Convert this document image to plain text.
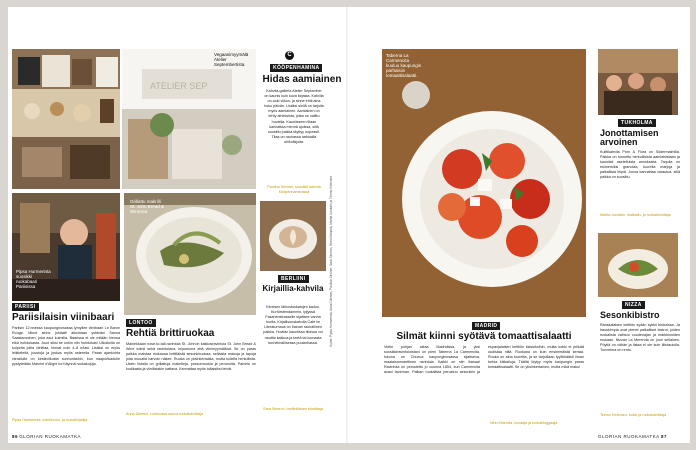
ATELIER SEP
Vegaanimyymälä Atelier Septembertista.
Pipsa Hurmerinta suosikki ruokabaari Pariisissa
PARIISI
Pariisilaisin viinibaari
Pariisin 12:nnessa kaupunginosassa lymyilee viinibaari Le Baron Rouge. Minut sinne johdatti aikoinaan ystäväni Sanna Saastamoinen, joka asui kulmilla. Baarissa ei ole mitään hienoa eikä hohdokasta. Juuri siksi se onkin niin hohdokas! Ulkoiluilla on kulpeita joilla viiniltaa, hinnat noin 4–8 e/lasi. Lisäksi on myös leikkeleitä, juustoja ja joskus myös ostereita. Paras ajankohta vierailulle on keskiviikosta sunnuntaihin, kun naapurikadulle pystytetään Marché d'Aligre tori täynnä ruokakojuja.
Pipsa Hurmerinta, kokkikoulu- ja ruokakirjailija
Grillattu makrilli St. John Bread & Winessa.
LONTOO
Rehtiä brittiruokaa
Mainekkaan nose-to-tail-ravintola St. John:in kakkosravintola St. John Bread & Wine toimii sekä ravintolana, leipomona että viinimyymälänä. Se on paras paikka maistaa mukavaa brittiläistä sesonkiruokaa, sellaista makuja ja tapoja joita muualla harvoin näkee. Ruoka on yksinkertaista, mutta todella herkullista. Usein listalla on grillattuja makrilleja, possunruokia ja perunoita. Palvelu on kodikasta ja viinilistakin kattava. Kannattaa myös tuliaisiksi leivät.
Anna Dikmen, Lontoossa asuva ruokatoimittaja
C
KÖÖPENHAMINA
Hidas aamiainen
Kahvila-galleria Atelier September on kaunis kuin kuva kirjasta. Kahvila on auki viikon, ja sinne ehtii aina koko päivän. Lisäksi siellä on tarjolla myös aamiainen. Aamiainen on tehty aineksista, jotka on valittu huolella. Kauniisseen tilaan kannattaa mennä ajoissa, sillä suosittu paikka täyttyy nopeasti. Tilaa on rauhassa tarkkailla ohikulkijoita.
Paulina Sirviner, suosikki kahvila Kööpenhaminassa
BERLIINI
Kirjaillia-kahvila
Kiireisen lähiostoskatujen kadun, Kurfürstendammin, lyijyssä Fasanenstrasselle sijaitsee vanha huvila. Kirjallisuuskahvila Café im Literaturhaus on ihanan rauhallinen paikka. Huvilan kauniissa tiloissa voi nauttia kakkua ja teetä tai lounasta tunnelmallisessa puutarhassa.
Sara Sinervo, berliiniläinen toimittaja
Kuvat: Pipsa Hurmerinta, Anna Dikmen, Paulina Sirviner, Sara Sinervo, Ninni Mannila, Martta Uusitalo ja Teemu Kettunen
86 GLORIAN RUOKAMATKA
Taberna La Carmencita kuuluu kaupungin parhaisiin tomaattisalaatti.
MADRID
Silmät kiinni syötävä tomaattisalaatti
Vietin pohjan aikaa Madridissa, ja yksi suosikkiravintoloistani on pieni Taberna La Carmencita. Iskuna on Chueca kaupunginosassa sijaitseva, maalaisromanttinen ravintola. Kaikki on niin ihanaa! Ravintola on perustettu jo vuonna 1854, kun Carmencita avasi tavernan. Paikan ruokalista perustuu sesonkiin ja espanjalaisen keittiön klassikoihin, mutta kokki ei pelkää uudistaa niitä. Ruokana on kuin ensimmäistä kertaa. Ruoka on aina tuoretta, ja se tarjoillaan tyylikkäästi ilman turhia kikkailuja. Täältä löytyy myös kaupungin paras tomaattisalaatti. Se on yksinkertainen, mutta mikä maku!
Ninni Mannila, kuvaaja ja ruokabloggaaja
TUKHOLMA
Jonottamisen arvoinen
Kulttikahvila Pom & Flora on Södermalmilla. Paikka on tunnettu herkullisista aamiaisistaan ja kauniisti asetelluista annoksista. Tarjolla on esimerkiksi granolaa, tuoreita marjoja ja paikallisia leipiä. Jonoa kannattaa varautua, sillä paikka on suosittu.
Martta Uusitalo, matkailu- ja ruokatoimittaja
NIZZA
Sesonkibistro
Ranskalaisen keittiön sydän sykkii bistroissa. Ja hauskimpia ovat pienet paikalliset bistrot, joiden ruokalista vaihtuu vuodenajan ja markkinoiden mukaan. Nizzan La Merenda on juuri sellainen. Pöytiä on vähän ja listaa ei ole kuin liitutaululla. Tunnelma on rento.
Teemu Kettunen, kokki ja ruokatoimittaja
GLORIAN RUOKAMATKA 87
